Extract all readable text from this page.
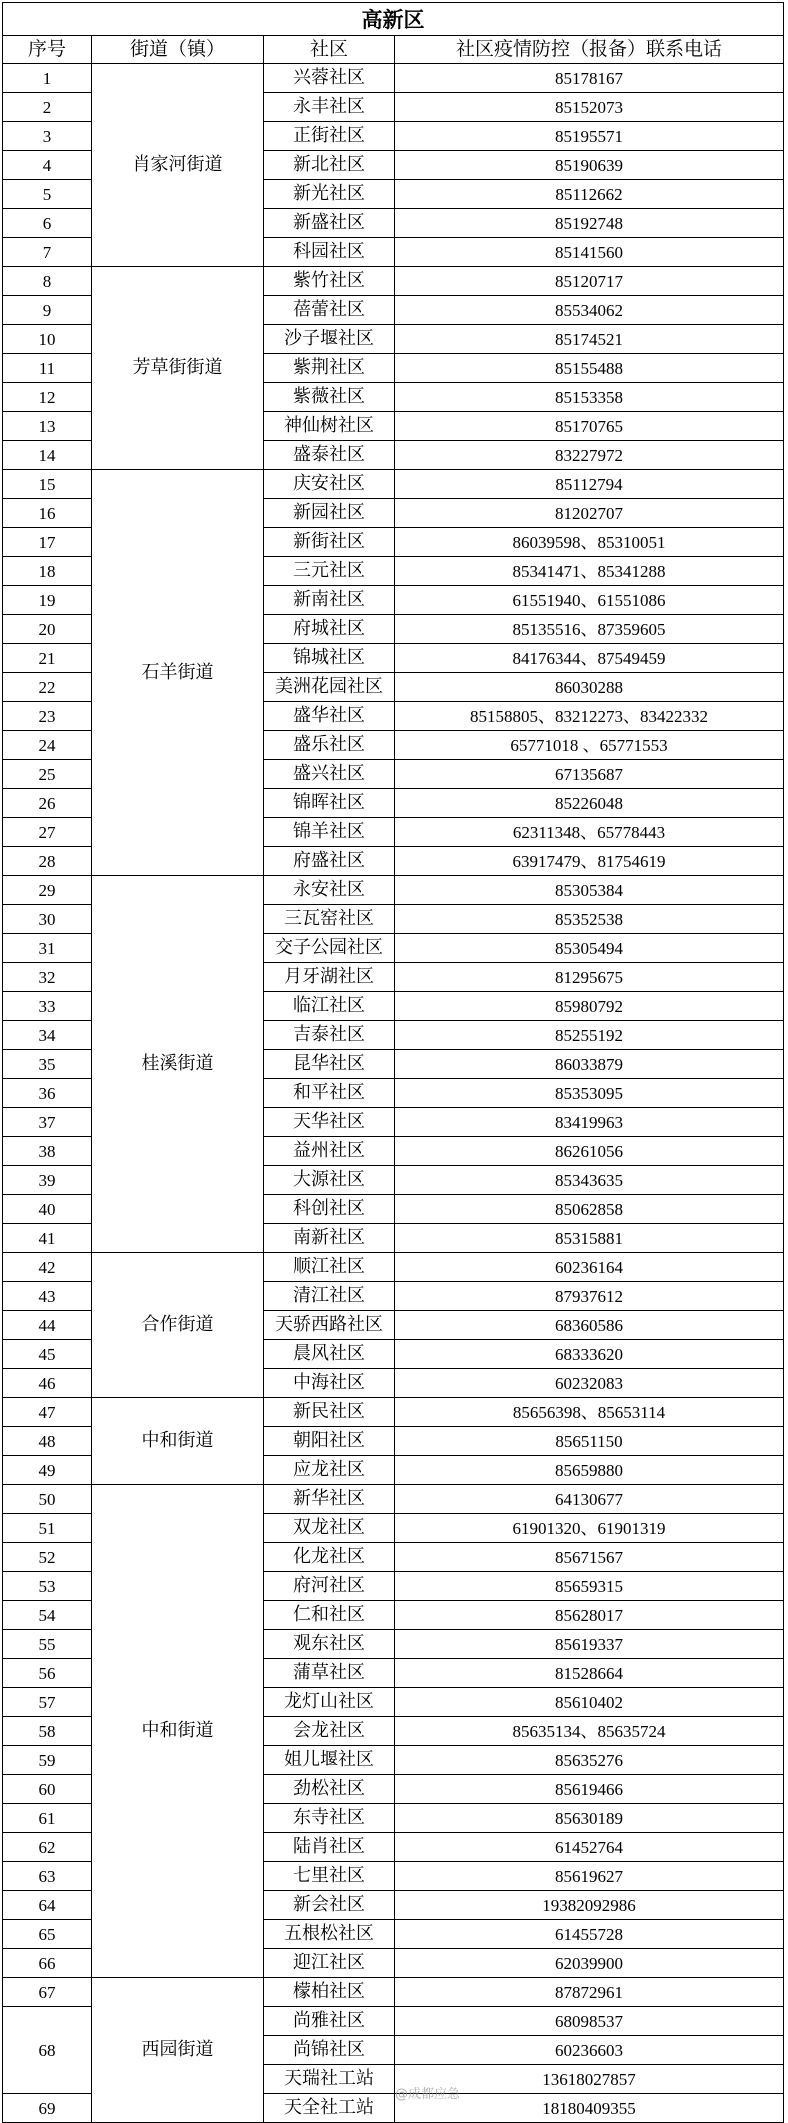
高新区			
序号	街道（镇）	社区	社区疫情防控（报备）联系电话
1	肖家河街道	兴蓉社区	85178167
2		永丰社区	85152073
3		正街社区	85195571
4		新北社区	85190639
5		新光社区	85112662
6		新盛社区	85192748
7		科园社区	85141560
8	芳草街街道	紫竹社区	85120717
9		蓓蕾社区	85534062
10		沙子堰社区	85174521
11		紫荆社区	85155488
12		紫薇社区	85153358
13		神仙树社区	85170765
14		盛泰社区	83227972
15	石羊街道	庆安社区	85112794
16		新园社区	81202707
17		新街社区	86039598、85310051
18		三元社区	85341471、85341288
19		新南社区	61551940、61551086
20		府城社区	85135516、87359605
21		锦城社区	84176344、87549459
22		美洲花园社区	86030288
23		盛华社区	85158805、83212273、83422332
24		盛乐社区	65771018 、65771553
25		盛兴社区	67135687
26		锦晖社区	85226048
27		锦羊社区	62311348、65778443
28		府盛社区	63917479、81754619
29	桂溪街道	永安社区	85305384
30		三瓦窑社区	85352538
31		交子公园社区	85305494
32		月牙湖社区	81295675
33		临江社区	85980792
34		吉泰社区	85255192
35		昆华社区	86033879
36		和平社区	85353095
37		天华社区	83419963
38		益州社区	86261056
39		大源社区	85343635
40		科创社区	85062858
41		南新社区	85315881
42	合作街道	顺江社区	60236164
43		清江社区	87937612
44		天骄西路社区	68360586
45		晨风社区	68333620
46		中海社区	60232083
47	中和街道	新民社区	85656398、85653114
48		朝阳社区	85651150
49		应龙社区	85659880
50	中和街道	新华社区	64130677
51		双龙社区	61901320、61901319
52		化龙社区	85671567
53		府河社区	85659315
54		仁和社区	85628017
55		观东社区	85619337
56		蒲草社区	81528664
57		龙灯山社区	85610402
58		会龙社区	85635134、85635724
59		姐儿堰社区	85635276
60		劲松社区	85619466
61		东寺社区	85630189
62		陆肖社区	61452764
63		七里社区	85619627
64		新会社区	19382092986
65		五根松社区	61455728
66		迎江社区	62039900
67	西园街道	檬柏社区	87872961
68		尚雅社区	68098537
		尚锦社区	60236603
		天瑞社工站	13618027857
69		天全社工站	18180409355
@成都应急
